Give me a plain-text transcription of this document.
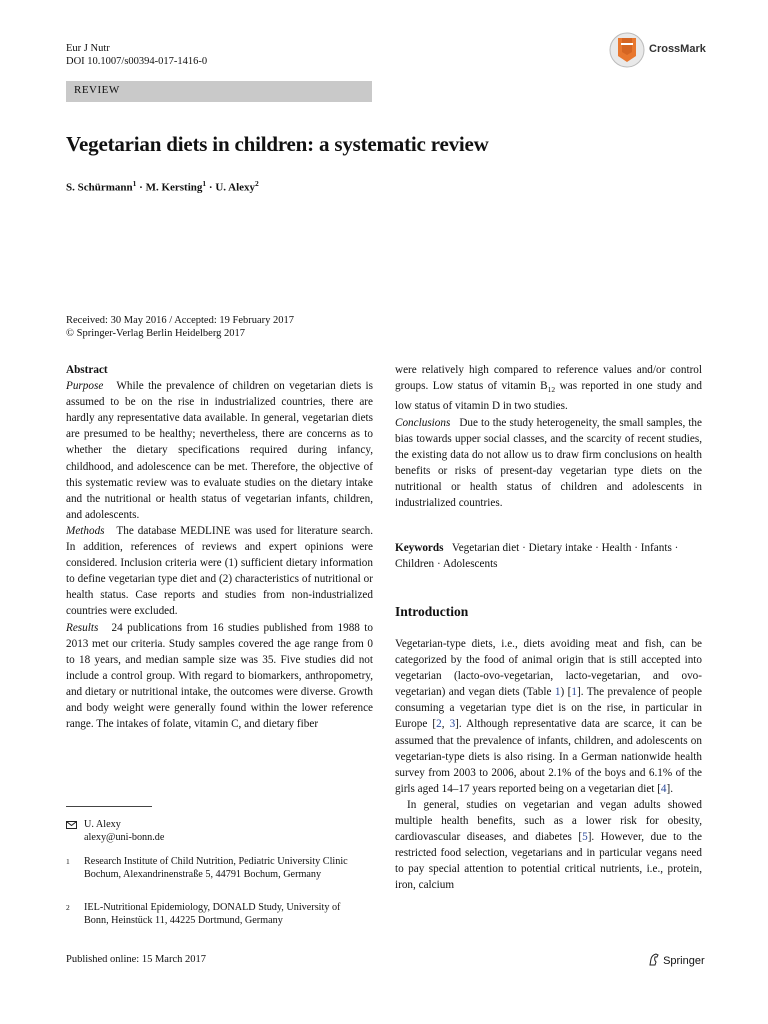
Eur J Nutr
DOI 10.1007/s00394-017-1416-0
CrossMark
REVIEW
Vegetarian diets in children: a systematic review
S. Schürmann$^1$ · M. Kersting$^1$ · U. Alexy$^2$
Received: 30 May 2016 / Accepted: 19 February 2017
© Springer-Verlag Berlin Heidelberg 2017

Abstract

Purpose While the prevalence of children on vegetarian diets is assumed to be on the rise in industrialized countries, there are hardly any representative data available. In general, vegetarian diets are presumed to be healthy; nevertheless, there are concerns as to whether the dietary specifications required during infancy, childhood, and adolescence can be met. Therefore, the objective of this systematic review was to evaluate studies on the dietary intake and the nutritional or health status of vegetarian infants, children, and adolescents.

Methods The database MEDLINE was used for literature search. In addition, references of reviews and expert opinions were considered. Inclusion criteria were (1) sufficient dietary information to define vegetarian type diet and (2) characteristics of nutritional or health status. Case reports and studies from non-industrialized countries were excluded.

Results 24 publications from 16 studies published from 1988 to 2013 met our criteria. Study samples covered the age range from 0 to 18 years, and median sample size was 35. Five studies did not include a control group. With regard to biomarkers, anthropometry, and dietary or nutritional intake, the outcomes were diverse. Growth and body weight were generally found within the lower reference range. The intakes of folate, vitamin C, and dietary fiber

were relatively high compared to reference values and/or control groups. Low status of vitamin $B_{12}$ was reported in one study and low status of vitamin D in two studies.

Conclusions Due to the study heterogeneity, the small samples, the bias towards upper social classes, and the scarcity of recent studies, the existing data do not allow us to draw firm conclusions on health benefits or risks of present-day vegetarian type diets on the nutritional or health status of children and adolescents in industrialized countries.

Keywords Vegetarian diet · Dietary intake · Health · Infants · Children · Adolescents
Introduction

Vegetarian-type diets, i.e., diets avoiding meat and fish, can be categorized by the food of animal origin that is still accepted into vegetarian (lacto-ovo-vegetarian, lacto-vegetarian, and ovo-vegetarian) and vegan diets (Table 1) [1]. The prevalence of people consuming a vegetarian type diet is on the rise, in particular in Europe [2, 3]. Although representative data are scarce, it can be assumed that the prevalence of infants, children, and adolescents on vegetarian-type diets is also rising. In a German nationwide health survey from 2003 to 2006, about 2.1% of the boys and 6.1% of the girls aged 14–17 years reported being on a vegetarian diet [4].

In general, studies on vegetarian and vegan adults showed multiple health benefits, such as a lower risk for obesity, cardiovascular diseases, and diabetes [5]. However, due to the restricted food selection, vegetarians and in particular vegans need to pay special attention to potential critical nutrients, i.e., protein, iron, calcium

U. Alexy
alexy@uni-bonn.de
1 Research Institute of Child Nutrition, Pediatric University Clinic Bochum, Alexandrinenstraße 5, 44791 Bochum, Germany
2 IEL-Nutritional Epidemiology, DONALD Study, University of Bonn, Heinstück 11, 44225 Dortmund, Germany
Published online: 15 March 2017	Springer
